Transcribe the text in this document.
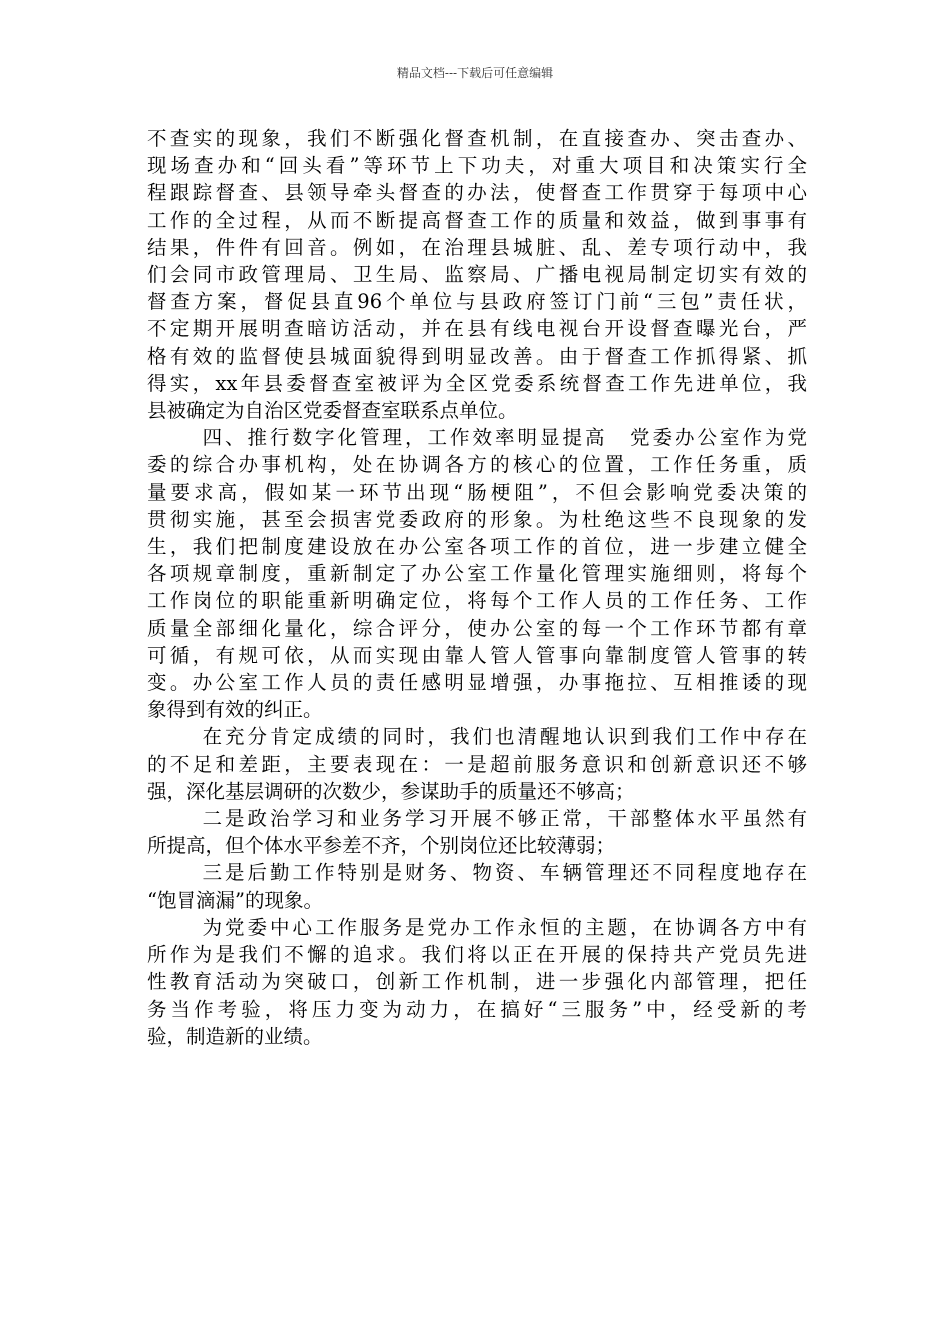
精品文档---下载后可任意编辑

不查实的现象，我们不断强化督查机制，在直接查办、突击查办、
现场查办和“回头看”等环节上下功夫，对重大项目和决策实行全
程跟踪督查、县领导牵头督查的办法，使督查工作贯穿于每项中心
工作的全过程，从而不断提高督查工作的质量和效益，做到事事有
结果，件件有回音。例如，在治理县城脏、乱、差专项行动中，我
们会同市政管理局、卫生局、监察局、广播电视局制定切实有效的
督查方案，督促县直96个单位与县政府签订门前“三包”责任状，
不定期开展明查暗访活动，并在县有线电视台开设督查曝光台，严
格有效的监督使县城面貌得到明显改善。由于督查工作抓得紧、抓
得实，xx年县委督查室被评为全区党委系统督查工作先进单位，我
县被确定为自治区党委督查室联系点单位。

四、推行数字化管理，工作效率明显提高　党委办公室作为党
委的综合办事机构，处在协调各方的核心的位置，工作任务重，质
量要求高，假如某一环节出现“肠梗阻”，不但会影响党委决策的
贯彻实施，甚至会损害党委政府的形象。为杜绝这些不良现象的发
生，我们把制度建设放在办公室各项工作的首位，进一步建立健全
各项规章制度，重新制定了办公室工作量化管理实施细则，将每个
工作岗位的职能重新明确定位，将每个工作人员的工作任务、工作
质量全部细化量化，综合评分，使办公室的每一个工作环节都有章
可循，有规可依，从而实现由靠人管人管事向靠制度管人管事的转
变。办公室工作人员的责任感明显增强，办事拖拉、互相推诿的现
象得到有效的纠正。

在充分肯定成绩的同时，我们也清醒地认识到我们工作中存在
的不足和差距，主要表现在：一是超前服务意识和创新意识还不够
强，深化基层调研的次数少，参谋助手的质量还不够高；

二是政治学习和业务学习开展不够正常，干部整体水平虽然有
所提高，但个体水平参差不齐，个别岗位还比较薄弱；

三是后勤工作特别是财务、物资、车辆管理还不同程度地存在
“饱冒滴漏”的现象。

为党委中心工作服务是党办工作永恒的主题，在协调各方中有
所作为是我们不懈的追求。我们将以正在开展的保持共产党员先进
性教育活动为突破口，创新工作机制，进一步强化内部管理，把任
务当作考验，将压力变为动力，在搞好“三服务”中，经受新的考
验，制造新的业绩。
